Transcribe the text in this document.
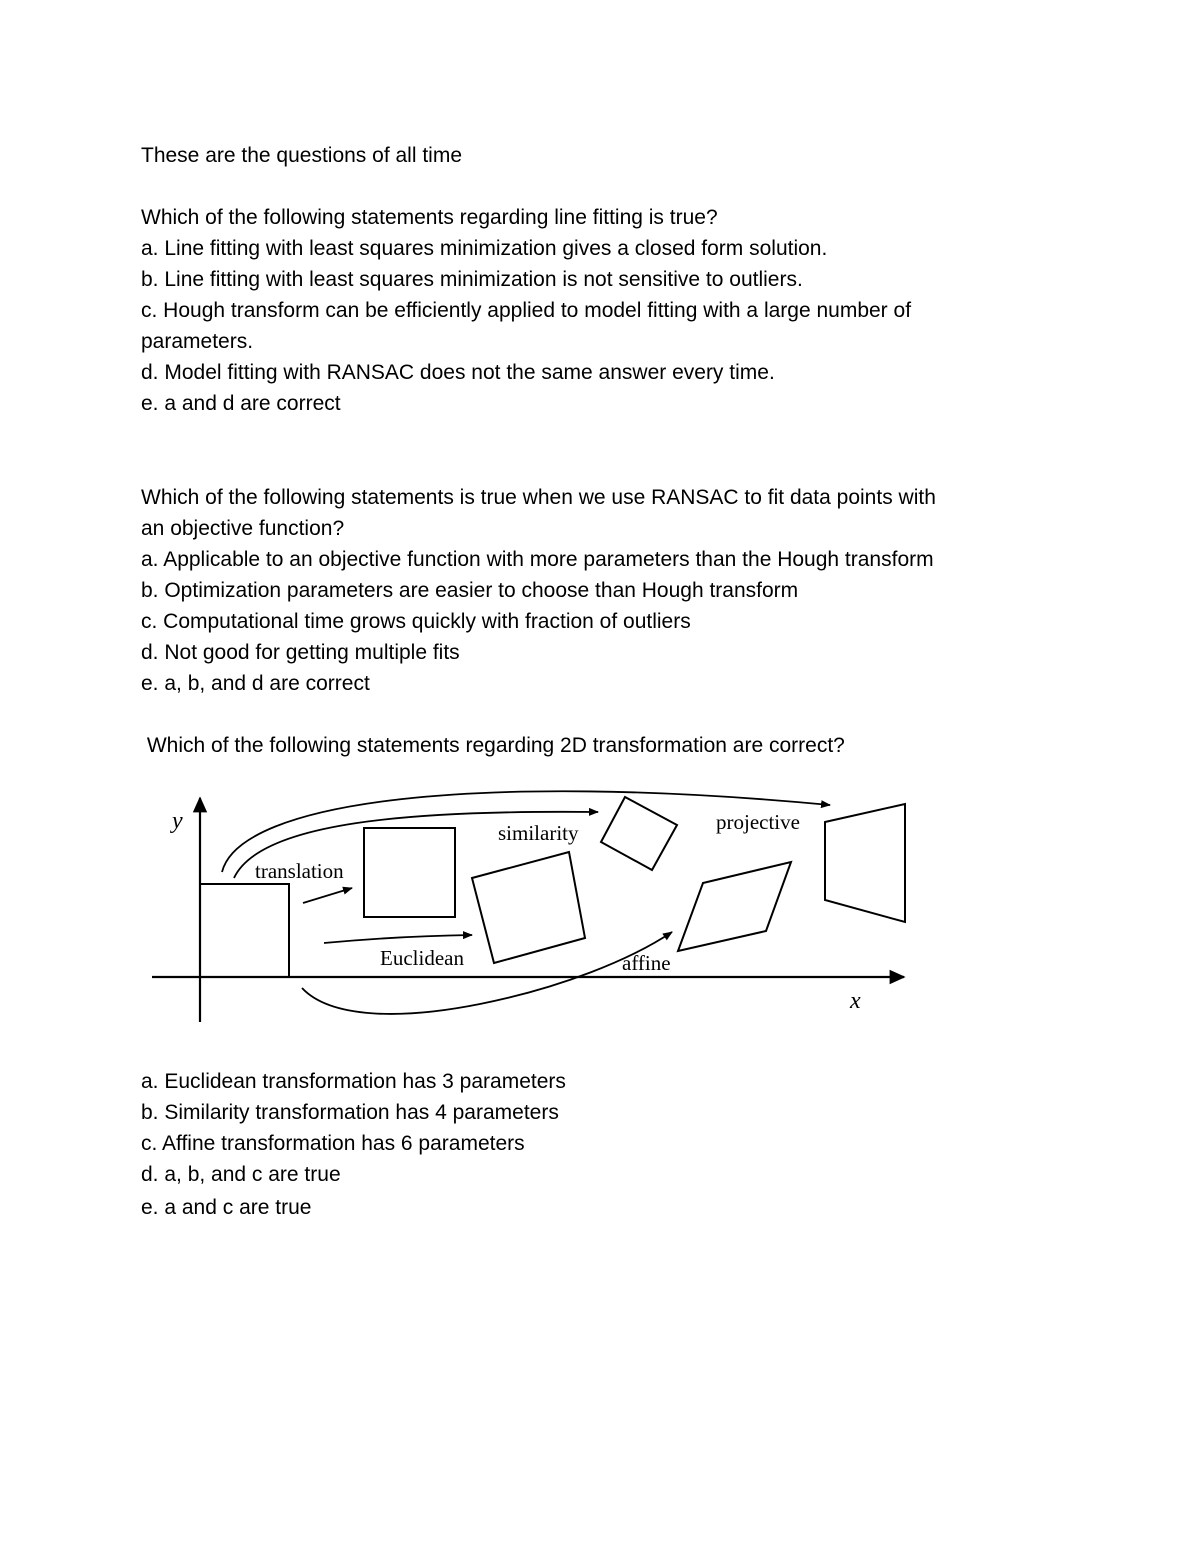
These are the questions of all time
Which of the following statements regarding line fitting is true?
a. Line fitting with least squares minimization gives a closed form solution.
b. Line fitting with least squares minimization is not sensitive to outliers.
c. Hough transform can be efficiently applied to model fitting with a large number of
parameters.
d. Model fitting with RANSAC does not the same answer every time.
e. a and d are correct
Which of the following statements is true when we use RANSAC to fit data points with
an objective function?
a. Applicable to an objective function with more parameters than the Hough transform
b. Optimization parameters are easier to choose than Hough transform
c. Computational time grows quickly with fraction of outliers
d. Not good for getting multiple fits
e. a, b, and d are correct
Which of the following statements regarding 2D transformation are correct?
y
x
translation
Euclidean
similarity
affine
projective
a. Euclidean transformation has 3 parameters
b. Similarity transformation has 4 parameters
c. Affine transformation has 6 parameters
d. a, b, and c are true
e. a and c are true
